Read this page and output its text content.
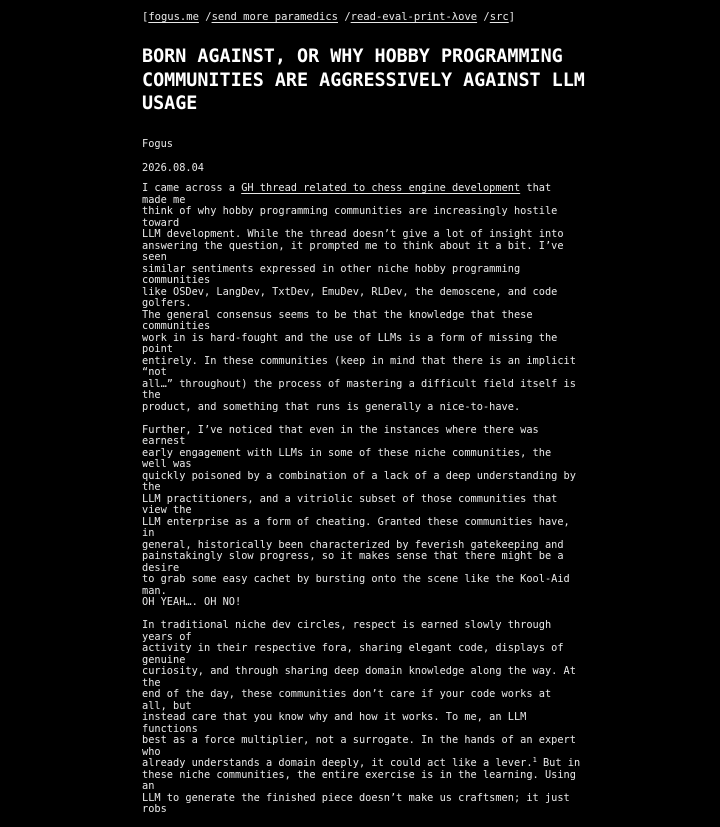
[fogus.me /send more paramedics /read-eval-print-λove /src]
BORN AGAINST, OR WHY HOBBY PROGRAMMING COMMUNITIES ARE AGGRESSIVELY AGAINST LLM USAGE
Fogus
2026.08.04

I came across a GH thread related to chess engine development that made me
think of why hobby programming communities are increasingly hostile toward
LLM development. While the thread doesn’t give a lot of insight into
answering the question, it prompted me to think about it a bit. I’ve seen
similar sentiments expressed in other niche hobby programming communities
like OSDev, LangDev, TxtDev, EmuDev, RLDev, the demoscene, and code golfers.
The general consensus seems to be that the knowledge that these communities
work in is hard-fought and the use of LLMs is a form of missing the point
entirely. In these communities (keep in mind that there is an implicit “not
all…” throughout) the process of mastering a difficult field itself is the
product, and something that runs is generally a nice-to-have.

Further, I’ve noticed that even in the instances where there was earnest
early engagement with LLMs in some of these niche communities, the well was
quickly poisoned by a combination of a lack of a deep understanding by the
LLM practitioners, and a vitriolic subset of those communities that view the
LLM enterprise as a form of cheating. Granted these communities have, in
general, historically been characterized by feverish gatekeeping and
painstakingly slow progress, so it makes sense that there might be a desire
to grab some easy cachet by bursting onto the scene like the Kool-Aid man.
OH YEAH…. OH NO!

In traditional niche dev circles, respect is earned slowly through years of
activity in their respective fora, sharing elegant code, displays of genuine
curiosity, and through sharing deep domain knowledge along the way. At the
end of the day, these communities don’t care if your code works at all, but
instead care that you know why and how it works. To me, an LLM functions
best as a force multiplier, not a surrogate. In the hands of an expert who
already understands a domain deeply, it could act like a lever.$^1$ But in
these niche communities, the entire exercise is in the learning. Using an
LLM to generate the finished piece doesn’t make us craftsmen; it just robs
